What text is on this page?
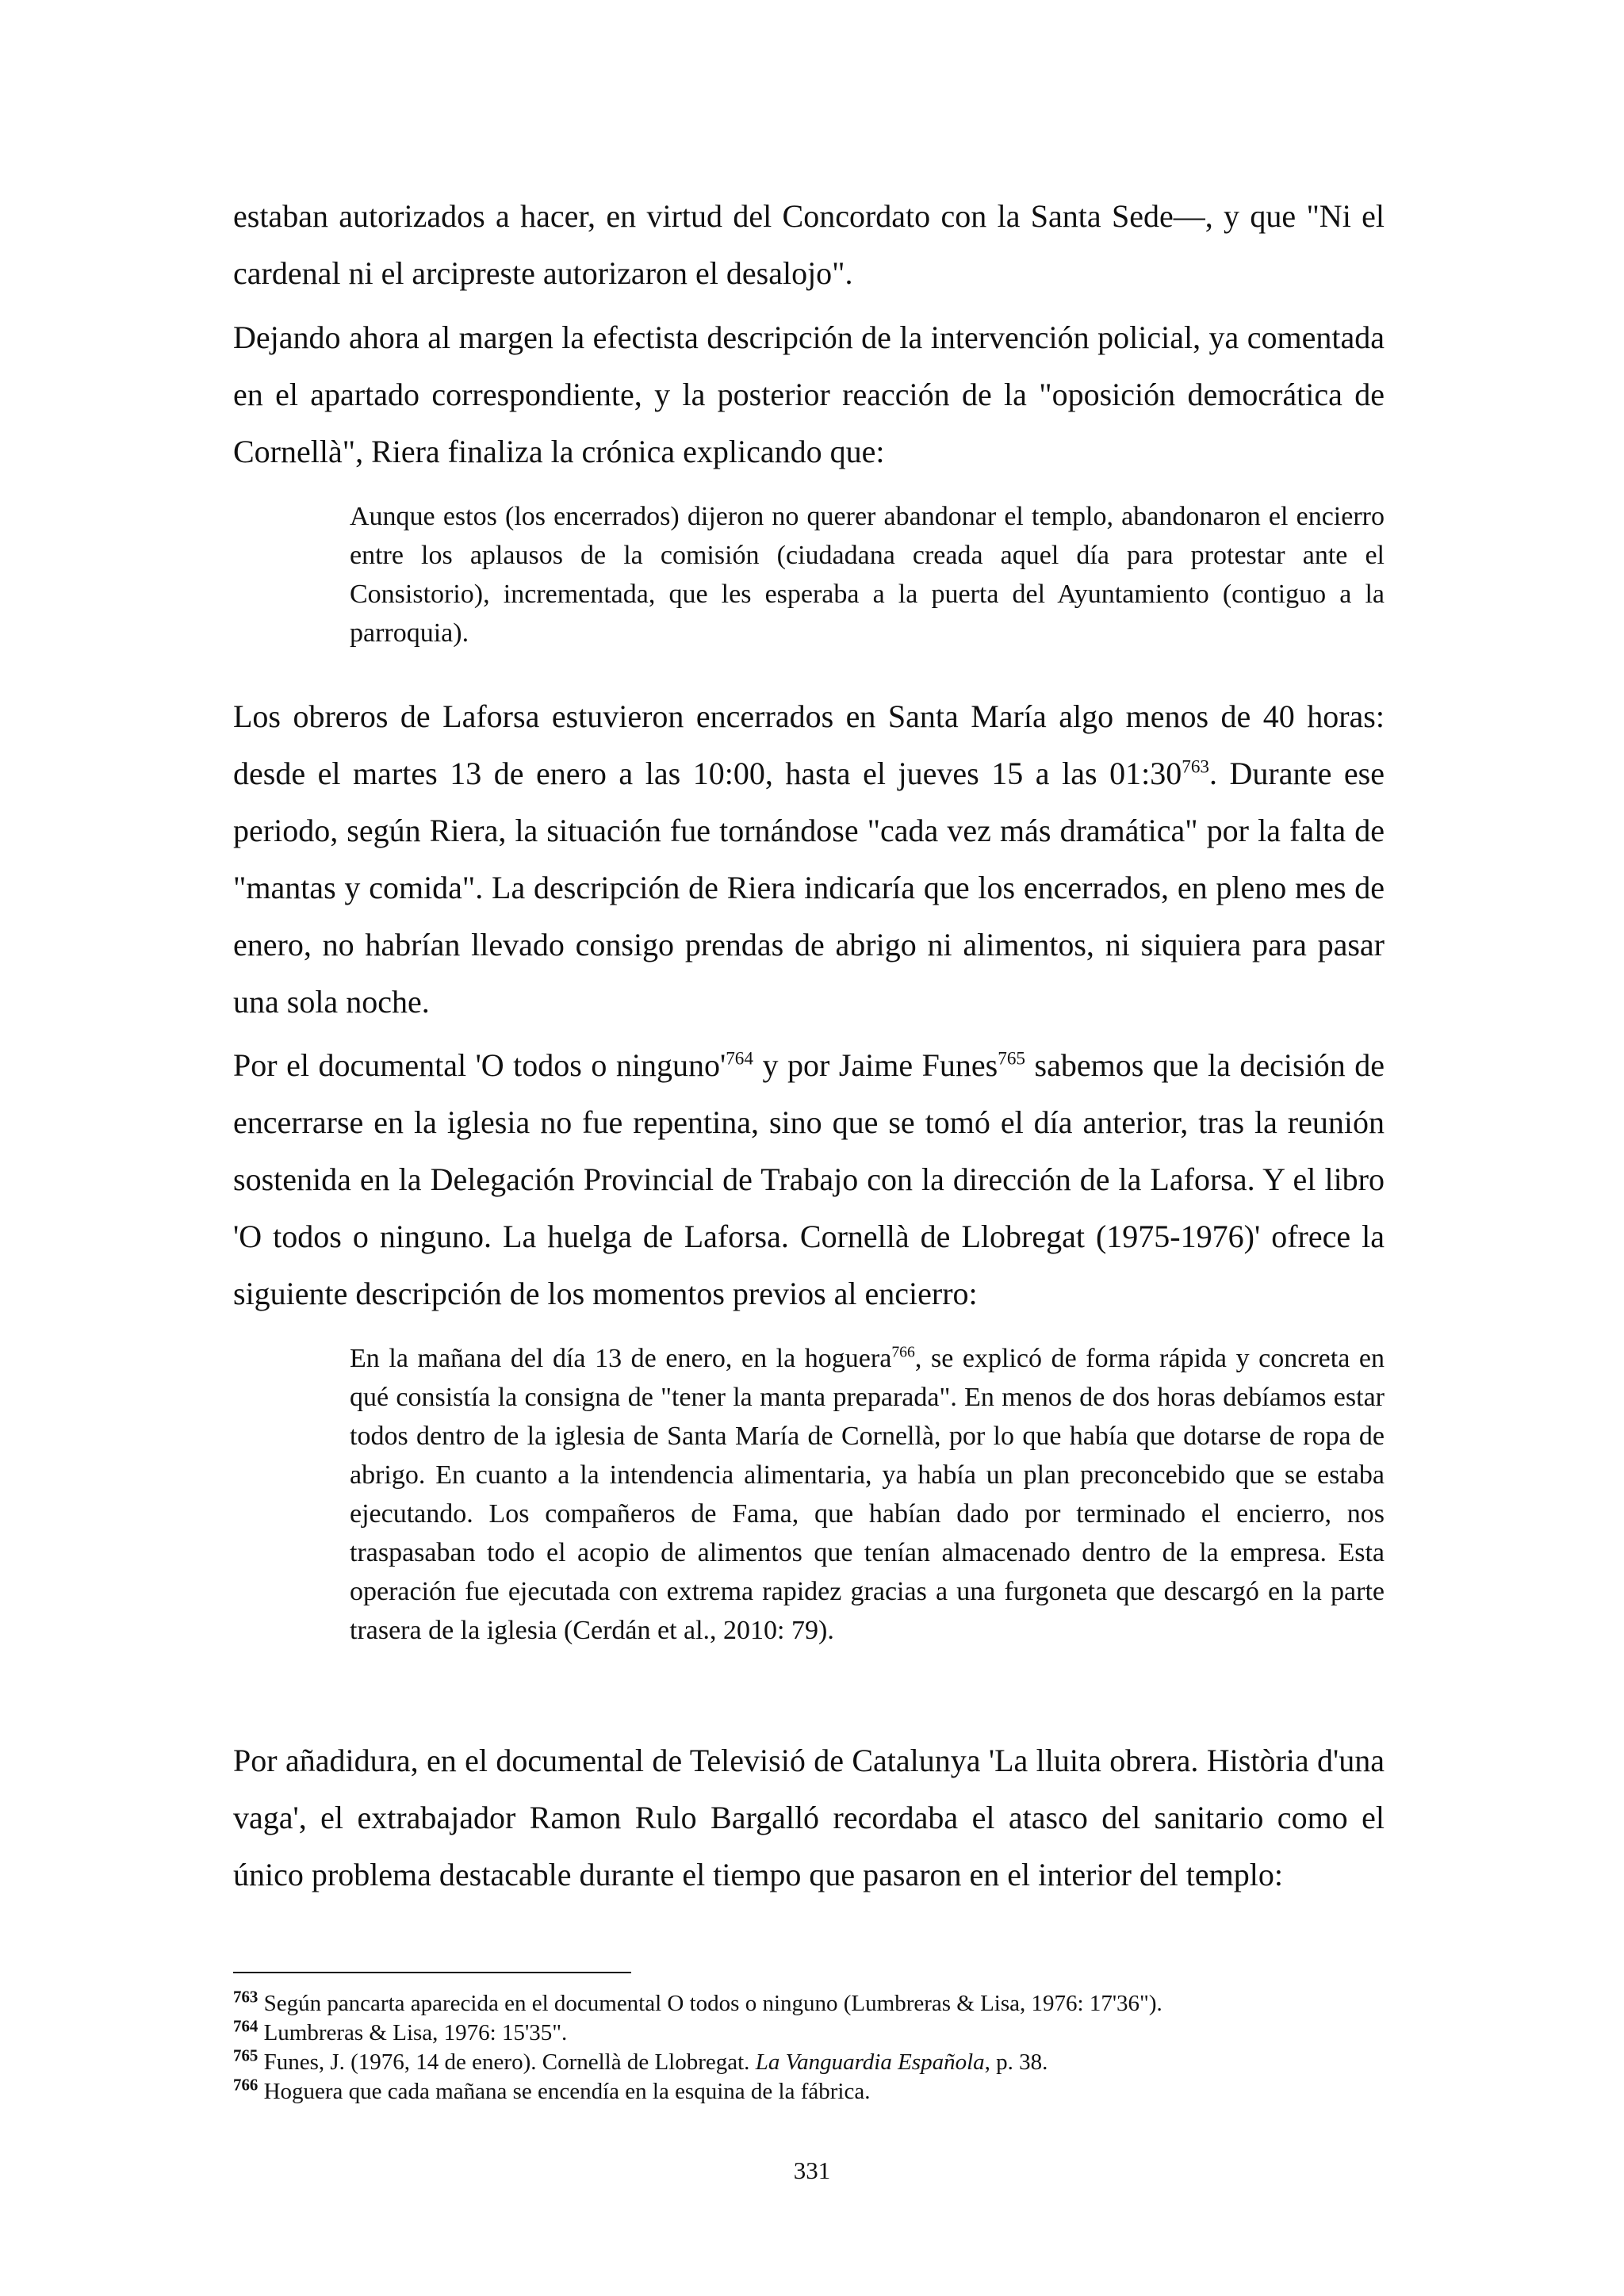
estaban autorizados a hacer, en virtud del Concordato con la Santa Sede—, y que "Ni el cardenal ni el arcipreste autorizaron el desalojo".

Dejando ahora al margen la efectista descripción de la intervención policial, ya comentada en el apartado correspondiente, y la posterior reacción de la "oposición democrática de Cornellà", Riera finaliza la crónica explicando que:

Aunque estos (los encerrados) dijeron no querer abandonar el templo, abandonaron el encierro entre los aplausos de la comisión (ciudadana creada aquel día para protestar ante el Consistorio), incrementada, que les esperaba a la puerta del Ayuntamiento (contiguo a la parroquia).

Los obreros de Laforsa estuvieron encerrados en Santa María algo menos de 40 horas: desde el martes 13 de enero a las 10:00, hasta el jueves 15 a las $01:30^{763}$. Durante ese periodo, según Riera, la situación fue tornándose "cada vez más dramática" por la falta de "mantas y comida". La descripción de Riera indicaría que los encerrados, en pleno mes de enero, no habrían llevado consigo prendas de abrigo ni alimentos, ni siquiera para pasar una sola noche.

Por el documental 'O todos o $ninguno'^{764}$ y por Jaime Funes$^{765}$ sabemos que la decisión de encerrarse en la iglesia no fue repentina, sino que se tomó el día anterior, tras la reunión sostenida en la Delegación Provincial de Trabajo con la dirección de la Laforsa. Y el libro 'O todos o ninguno. La huelga de Laforsa. Cornellà de Llobregat (1975-1976)' ofrece la siguiente descripción de los momentos previos al encierro:

En la mañana del día 13 de enero, en la hoguera$^{766}$, se explicó de forma rápida y concreta en qué consistía la consigna de "tener la manta preparada". En menos de dos horas debíamos estar todos dentro de la iglesia de Santa María de Cornellà, por lo que había que dotarse de ropa de abrigo. En cuanto a la intendencia alimentaria, ya había un plan preconcebido que se estaba ejecutando. Los compañeros de Fama, que habían dado por terminado el encierro, nos traspasaban todo el acopio de alimentos que tenían almacenado dentro de la empresa. Esta operación fue ejecutada con extrema rapidez gracias a una furgoneta que descargó en la parte trasera de la iglesia (Cerdán et al., 2010: 79).

Por añadidura, en el documental de Televisió de Catalunya 'La lluita obrera. Història d'una vaga', el extrabajador Ramon Rulo Bargalló recordaba el atasco del sanitario como el único problema destacable durante el tiempo que pasaron en el interior del templo:

$^{763}$ Según pancarta aparecida en el documental O todos o ninguno (Lumbreras & Lisa, 1976: 17'36").

$^{764}$ Lumbreras & Lisa, 1976: 15'35".

$^{765}$ Funes, J. (1976, 14 de enero). Cornellà de Llobregat. La Vanguardia Española, p. 38.

$^{766}$ Hoguera que cada mañana se encendía en la esquina de la fábrica.

331
